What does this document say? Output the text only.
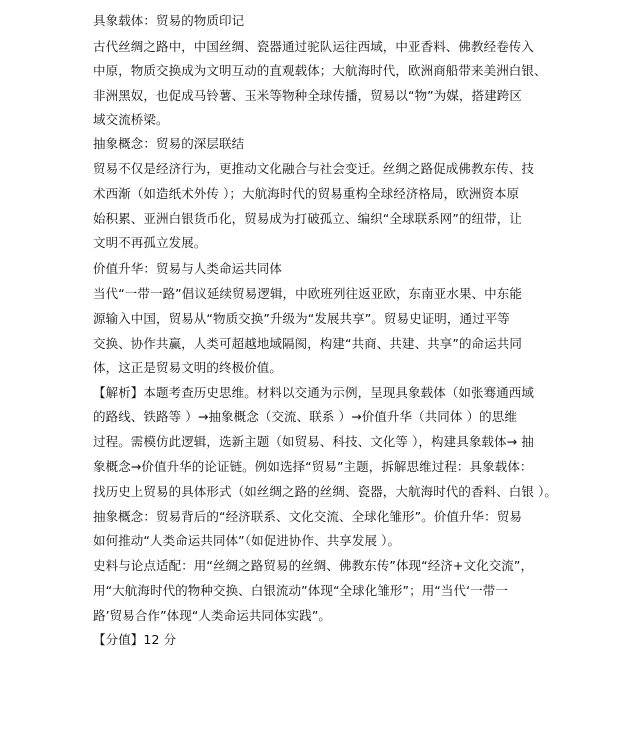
具象载体：贸易的物质印记
古代丝绸之路中，中国丝绸、瓷器通过驼队运往西域，中亚香料、佛教经卷传入
中原，物质交换成为文明互动的直观载体；大航海时代，欧洲商船带来美洲白银、
非洲黑奴，也促成马铃薯、玉米等物种全球传播，贸易以“物”为媒，搭建跨区
域交流桥梁。
抽象概念：贸易的深层联结
贸易不仅是经济行为，更推动文化融合与社会变迁。丝绸之路促成佛教东传、技
术西渐（如造纸术外传 ）；大航海时代的贸易重构全球经济格局，欧洲资本原
始积累、亚洲白银货币化，贸易成为打破孤立、编织“全球联系网”的纽带，让
文明不再孤立发展。
价值升华：贸易与人类命运共同体
当代“一带一路”倡议延续贸易逻辑，中欧班列往返亚欧，东南亚水果、中东能
源输入中国，贸易从“物质交换”升级为“发展共享”。贸易史证明，通过平等
交换、协作共赢，人类可超越地域隔阂，构建“共商、共建、共享”的命运共同
体，这正是贸易文明的终极价值。
【解析】本题考查历史思维。材料以交通为示例，呈现具象载体（如张骞通西域
的路线、铁路等 ）→抽象概念（交流、联系 ）→价值升华（共同体 ）的思维
过程。需模仿此逻辑，选新主题（如贸易、科技、文化等 ），构建具象载体→ 抽
象概念→价值升华的论证链。例如选择“贸易”主题，拆解思维过程：具象载体：
找历史上贸易的具体形式（如丝绸之路的丝绸、瓷器，大航海时代的香料、白银 ）。
抽象概念：贸易背后的“经济联系、文化交流、全球化雏形”。价值升华：贸易
如何推动“人类命运共同体”（如促进协作、共享发展 ）。
史料与论点适配：用“丝绸之路贸易的丝绸、佛教东传”体现“经济+文化交流”，
用“大航海时代的物种交换、白银流动”体现“全球化雏形”；用“当代‘一带一
路’贸易合作”体现“人类命运共同体实践”。
【分值】12 分
